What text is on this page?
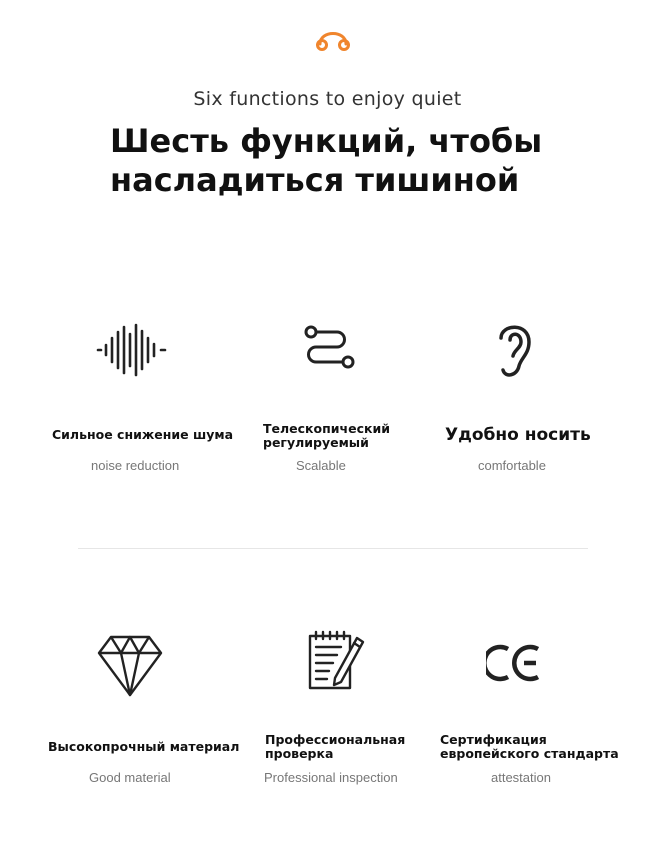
Six functions to enjoy quiet
Шесть функций, чтобы
насладиться тишиной
Сильное снижение шума
noise reduction
Телескопический
регулируемый
Scalable
Удобно носить
comfortable
Высокопрочный материал
Good material
Профессиональная
проверка
Professional inspection
Сертификация
европейского стандарта
attestation
